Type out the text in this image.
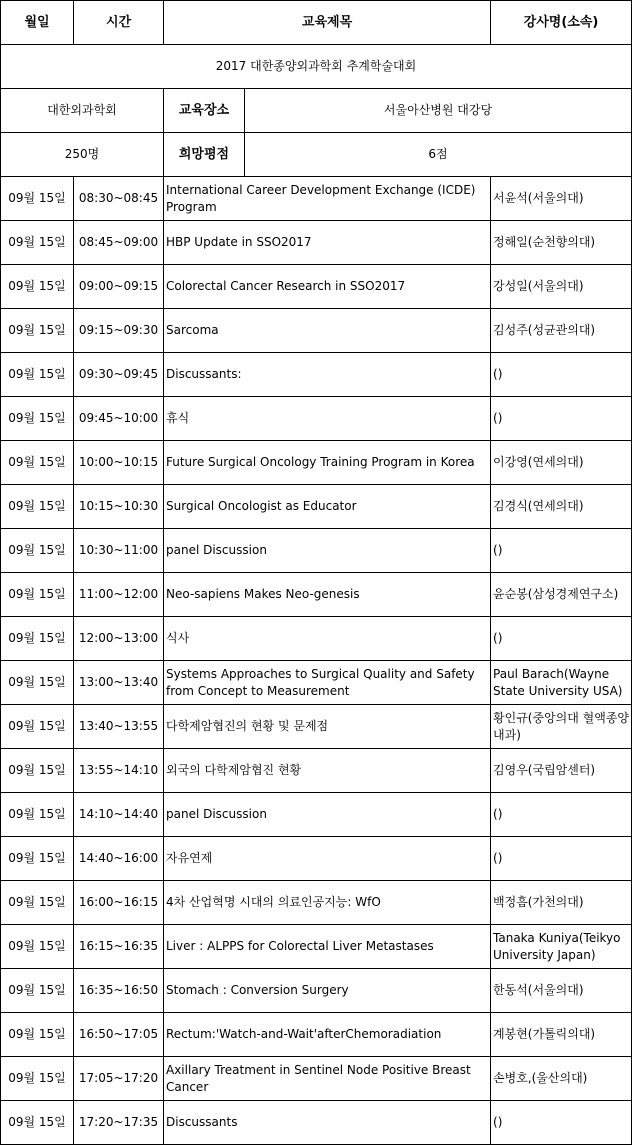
2017 대한종양외과학회 추계학술대회				
대한외과학회		교육장소	서울아산병원 대강당	
250명		희망평점	6점	
월일	시간	교육제목		강사명(소속)
09월 15일	08:30~08:45	International Career Development Exchange (ICDE) Program		서윤석(서울의대)
09월 15일	08:45~09:00	HBP Update in SSO2017		정해일(순천향의대)
09월 15일	09:00~09:15	Colorectal Cancer Research in SSO2017		강성일(서울의대)
09월 15일	09:15~09:30	Sarcoma		김성주(성균관의대)
09월 15일	09:30~09:45	Discussants:		()
09월 15일	09:45~10:00	휴식		()
09월 15일	10:00~10:15	Future Surgical Oncology Training Program in Korea		이강영(연세의대)
09월 15일	10:15~10:30	Surgical Oncologist as Educator		김경식(연세의대)
09월 15일	10:30~11:00	panel Discussion		()
09월 15일	11:00~12:00	Neo-sapiens Makes Neo-genesis		윤순봉(삼성경제연구소)
09월 15일	12:00~13:00	식사		()
09월 15일	13:00~13:40	Systems Approaches to Surgical Quality and Safety from Concept to Measurement		Paul Barach(Wayne State University USA)
09월 15일	13:40~13:55	다학제암협진의 현황 및 문제점		황인규(중앙의대 혈액종양내과)
09월 15일	13:55~14:10	외국의 다학제암협진 현황		김영우(국립암센터)
09월 15일	14:10~14:40	panel Discussion		()
09월 15일	14:40~16:00	자유연제		()
09월 15일	16:00~16:15	4차 산업혁명 시대의 의료인공지능: WfO		백정흠(가천의대)
09월 15일	16:15~16:35	Liver : ALPPS for Colorectal Liver Metastases		Tanaka Kuniya(Teikyo University Japan)
09월 15일	16:35~16:50	Stomach : Conversion Surgery		한동석(서울의대)
09월 15일	16:50~17:05	Rectum:'Watch-and-Wait'afterChemoradiation		계봉현(가톨릭의대)
09월 15일	17:05~17:20	Axillary Treatment in Sentinel Node Positive Breast Cancer		손병호,(울산의대)
09월 15일	17:20~17:35	Discussants		()
